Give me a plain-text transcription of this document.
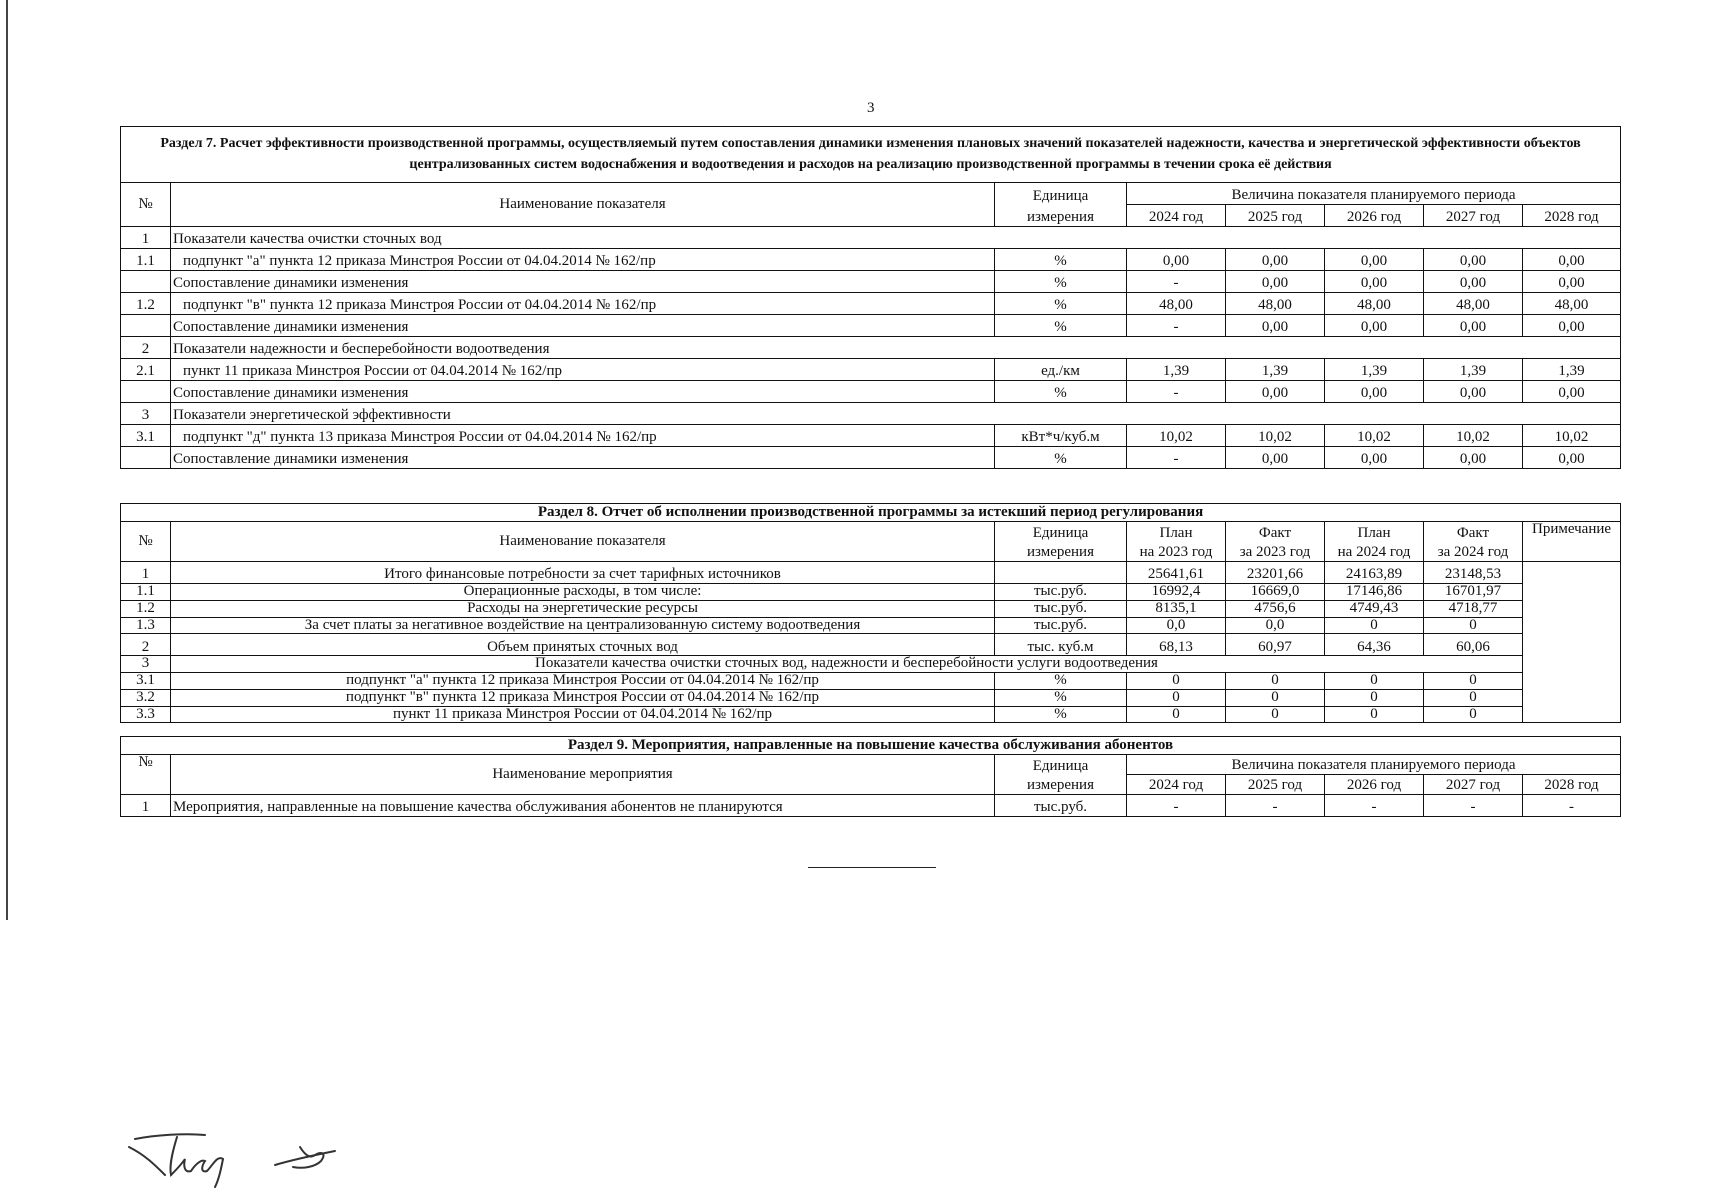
3
Раздел 7. Расчет эффективности производственной программы, осуществляемый путем сопоставления динамики изменения плановых значений показателей надежности, качества и энергетической эффективности объектов централизованных систем водоснабжения и водоотведения и расходов на реализацию производственной программы в течении срока её действия							
№	Наименование показателя	Единица	Величина показателя планируемого периода				
		измерения	2024 год	2025 год	2026 год	2027 год	2028 год
1	Показатели качества очистки сточных вод						
1.1	подпункт "а" пункта 12 приказа Минстроя России от 04.04.2014 № 162/пр	%	0,00	0,00	0,00	0,00	0,00
	Сопоставление динамики изменения	%	-	0,00	0,00	0,00	0,00
1.2	подпункт "в" пункта 12 приказа Минстроя России от 04.04.2014 № 162/пр	%	48,00	48,00	48,00	48,00	48,00
	Сопоставление динамики изменения	%	-	0,00	0,00	0,00	0,00
2	Показатели надежности и бесперебойности водоотведения						
2.1	пункт 11 приказа Минстроя России от 04.04.2014 № 162/пр	ед./км	1,39	1,39	1,39	1,39	1,39
	Сопоставление динамики изменения	%	-	0,00	0,00	0,00	0,00
3	Показатели энергетической эффективности						
3.1	подпункт "д" пункта 13 приказа Минстроя России от 04.04.2014 № 162/пр	кВт*ч/куб.м	10,02	10,02	10,02	10,02	10,02
	Сопоставление динамики изменения	%	-	0,00	0,00	0,00	0,00
Раздел 8. Отчет об исполнении производственной программы за истекший период регулирования							
№	Наименование показателя	Единица	План	Факт	План	Факт	Примечание
		измерения	на 2023 год	за 2023 год	на 2024 год	за 2024 год	
1	Итого финансовые потребности за счет тарифных источников		25641,61	23201,66	24163,89	23148,53	
1.1	Операционные расходы, в том числе:	тыс.руб.	16992,4	16669,0	17146,86	16701,97	
1.2	Расходы на энергетические ресурсы	тыс.руб.	8135,1	4756,6	4749,43	4718,77	
1.3	За счет платы за негативное воздействие на централизованную систему водоотведения	тыс.руб.	0,0	0,0	0	0	
2	Объем принятых сточных вод	тыс. куб.м	68,13	60,97	64,36	60,06	
3	Показатели качества очистки сточных вод, надежности и бесперебойности услуги водоотведения						
3.1	подпункт "а" пункта 12 приказа Минстроя России от 04.04.2014 № 162/пр	%	0	0	0	0	
3.2	подпункт "в" пункта 12 приказа Минстроя России от 04.04.2014 № 162/пр	%	0	0	0	0	
3.3	пункт 11 приказа Минстроя России от 04.04.2014 № 162/пр	%	0	0	0	0	
Раздел 9. Мероприятия, направленные на повышение качества обслуживания абонентов							
№	Наименование мероприятия	Единица	Величина показателя планируемого периода				
		измерения	2024 год	2025 год	2026 год	2027 год	2028 год
1	Мероприятия, направленные на повышение качества обслуживания абонентов не планируются	тыс.руб.	-	-	-	-	-
